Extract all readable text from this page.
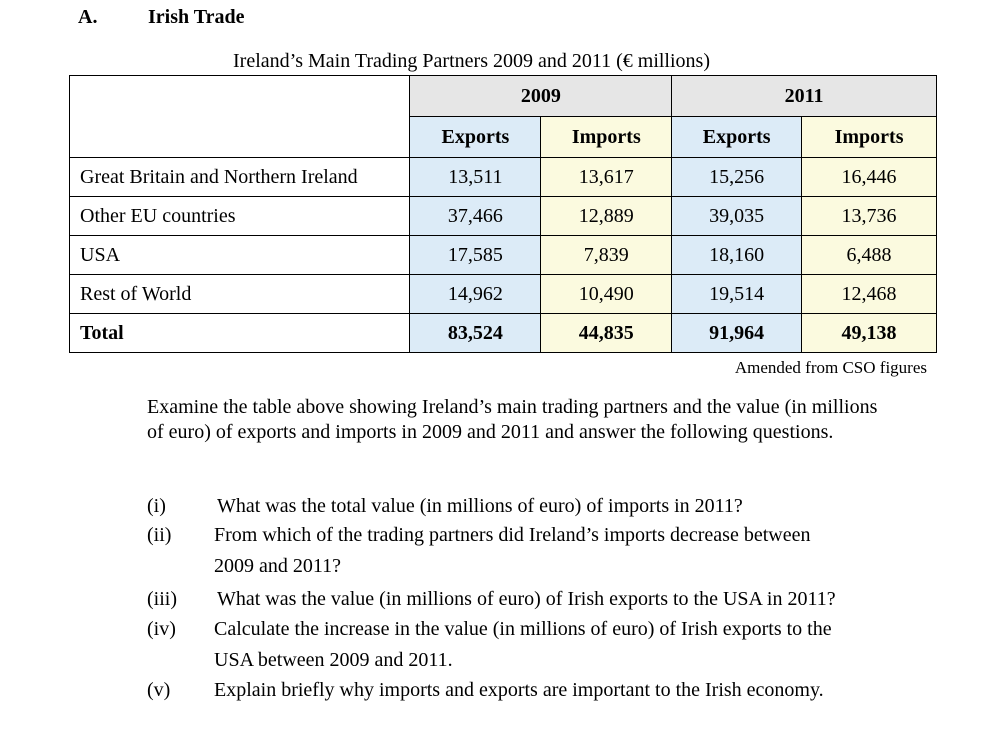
A.	Irish Trade
Ireland’s Main Trading Partners 2009 and 2011 (€ millions)
	2009		2011	
	Exports	Imports	Exports	Imports
Great Britain and Northern Ireland	13,511	13,617	15,256	16,446
Other EU countries	37,466	12,889	39,035	13,736
USA	17,585	7,839	18,160	6,488
Rest of World	14,962	10,490	19,514	12,468
Total	83,524	44,835	91,964	49,138
Amended from CSO figures
Examine the table above showing Ireland’s main trading partners and the value (in millions of euro) of exports and imports in 2009 and 2011 and answer the following questions.
(i)	What was the total value (in millions of euro) of imports in 2011?
(ii) From which of the trading partners did Ireland’s imports decrease between
2009 and 2011?
(iii) What was the value (in millions of euro) of Irish exports to the USA in 2011?
(iv) Calculate the increase in the value (in millions of euro) of Irish exports to the
USA between 2009 and 2011.
(v) Explain briefly why imports and exports are important to the Irish economy.
